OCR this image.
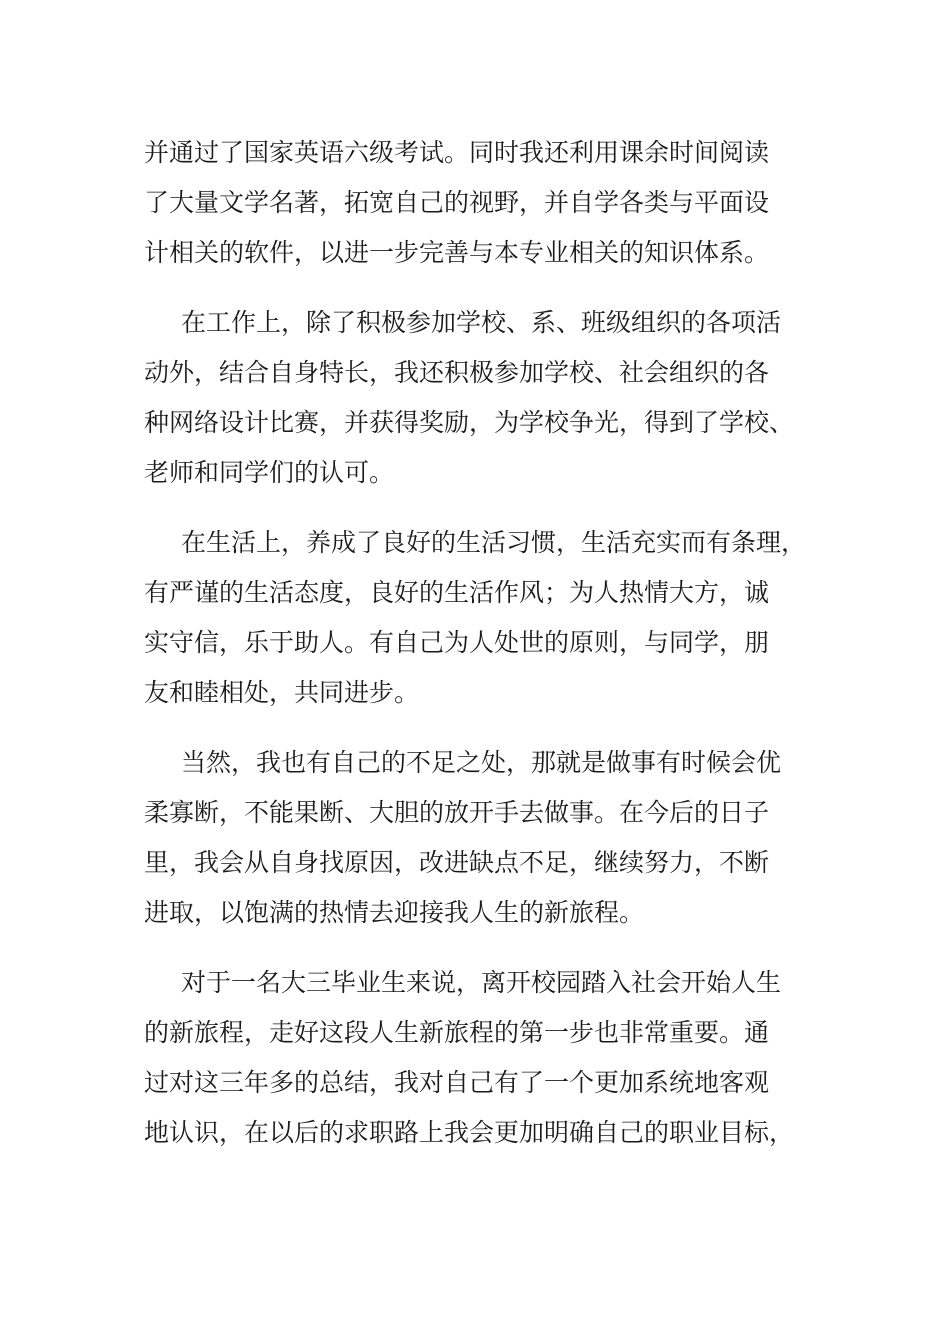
并通过了国家英语六级考试。同时我还利用课余时间阅读
了大量文学名著，拓宽自己的视野，并自学各类与平面设
计相关的软件，以进一步完善与本专业相关的知识体系。
在工作上，除了积极参加学校、系、班级组织的各项活
动外，结合自身特长，我还积极参加学校、社会组织的各
种网络设计比赛，并获得奖励，为学校争光，得到了学校、
老师和同学们的认可。
在生活上，养成了良好的生活习惯，生活充实而有条理，
有严谨的生活态度，良好的生活作风；为人热情大方，诚
实守信，乐于助人。有自己为人处世的原则，与同学，朋
友和睦相处，共同进步。
当然，我也有自己的不足之处，那就是做事有时候会优
柔寡断，不能果断、大胆的放开手去做事。在今后的日子
里，我会从自身找原因，改进缺点不足，继续努力，不断
进取，以饱满的热情去迎接我人生的新旅程。
对于一名大三毕业生来说，离开校园踏入社会开始人生
的新旅程，走好这段人生新旅程的第一步也非常重要。通
过对这三年多的总结，我对自己有了一个更加系统地客观
地认识，在以后的求职路上我会更加明确自己的职业目标，
